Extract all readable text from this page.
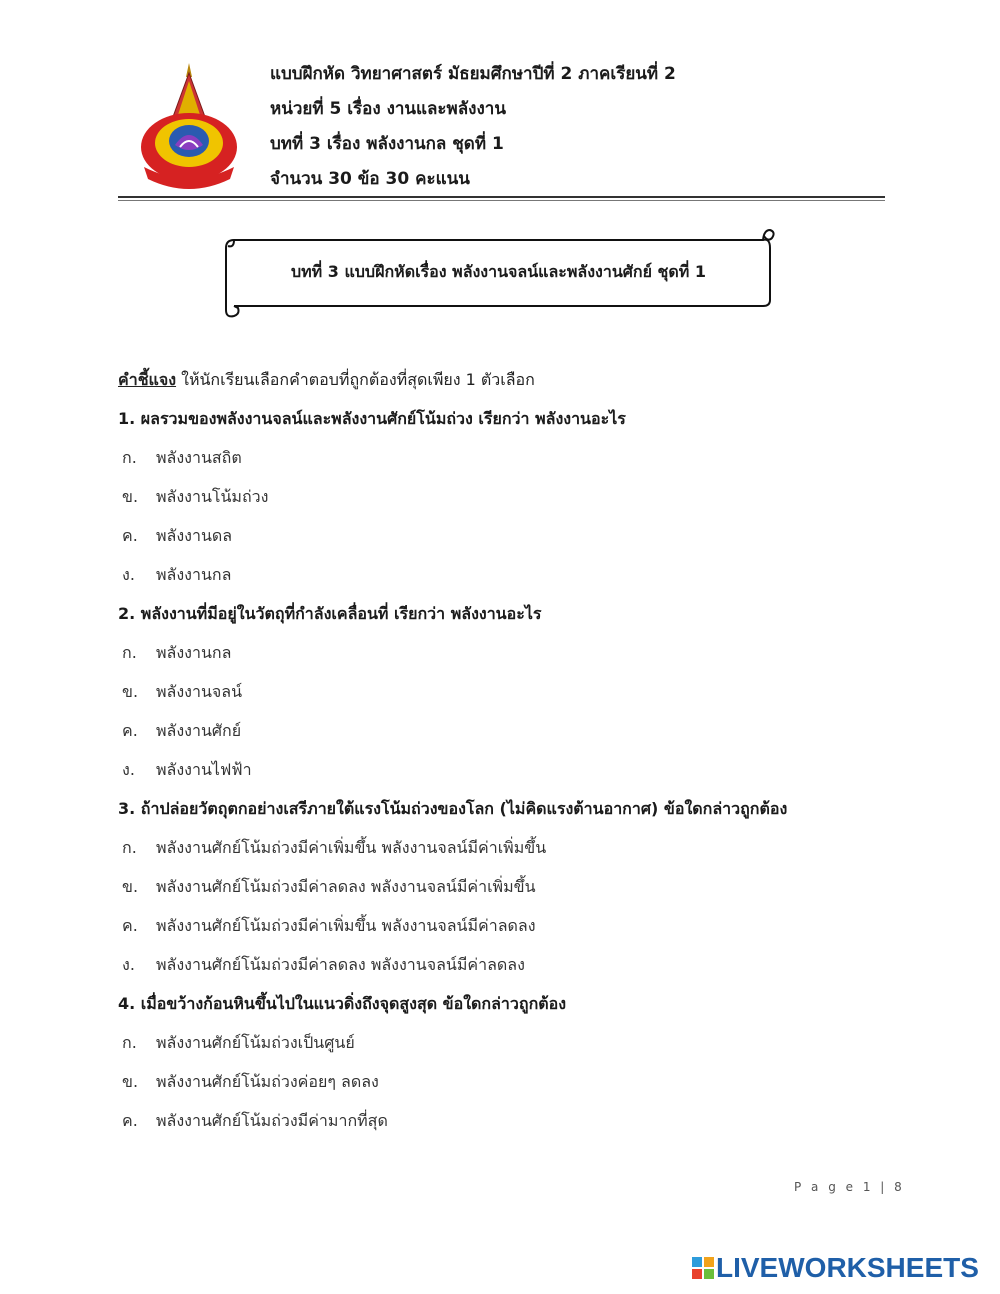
แบบฝึกหัด วิทยาศาสตร์ มัธยมศึกษาปีที่ 2 ภาคเรียนที่ 2
หน่วยที่ 5 เรื่อง งานและพลังงาน
บทที่ 3 เรื่อง พลังงานกล ชุดที่ 1
จำนวน 30 ข้อ 30 คะแนน
บทที่ 3 แบบฝึกหัดเรื่อง พลังงานจลน์และพลังงานศักย์ ชุดที่ 1
คำชี้แจง ให้นักเรียนเลือกคำตอบที่ถูกต้องที่สุดเพียง 1 ตัวเลือก
1. ผลรวมของพลังงานจลน์และพลังงานศักย์โน้มถ่วง เรียกว่า พลังงานอะไร
ก. พลังงานสถิต
ข. พลังงานโน้มถ่วง
ค. พลังงานดล
ง. พลังงานกล
2. พลังงานที่มีอยู่ในวัตถุที่กำลังเคลื่อนที่ เรียกว่า พลังงานอะไร
ก. พลังงานกล
ข. พลังงานจลน์
ค. พลังงานศักย์
ง. พลังงานไฟฟ้า
3. ถ้าปล่อยวัตถุตกอย่างเสรีภายใต้แรงโน้มถ่วงของโลก (ไม่คิดแรงต้านอากาศ) ข้อใดกล่าวถูกต้อง
ก. พลังงานศักย์โน้มถ่วงมีค่าเพิ่มขึ้น พลังงานจลน์มีค่าเพิ่มขึ้น
ข. พลังงานศักย์โน้มถ่วงมีค่าลดลง พลังงานจลน์มีค่าเพิ่มขึ้น
ค. พลังงานศักย์โน้มถ่วงมีค่าเพิ่มขึ้น พลังงานจลน์มีค่าลดลง
ง. พลังงานศักย์โน้มถ่วงมีค่าลดลง พลังงานจลน์มีค่าลดลง
4. เมื่อขว้างก้อนหินขึ้นไปในแนวดิ่งถึงจุดสูงสุด ข้อใดกล่าวถูกต้อง
ก. พลังงานศักย์โน้มถ่วงเป็นศูนย์
ข. พลังงานศักย์โน้มถ่วงค่อยๆ ลดลง
ค. พลังงานศักย์โน้มถ่วงมีค่ามากที่สุด
P a g e 1 | 8
LIVEWORKSHEETS
